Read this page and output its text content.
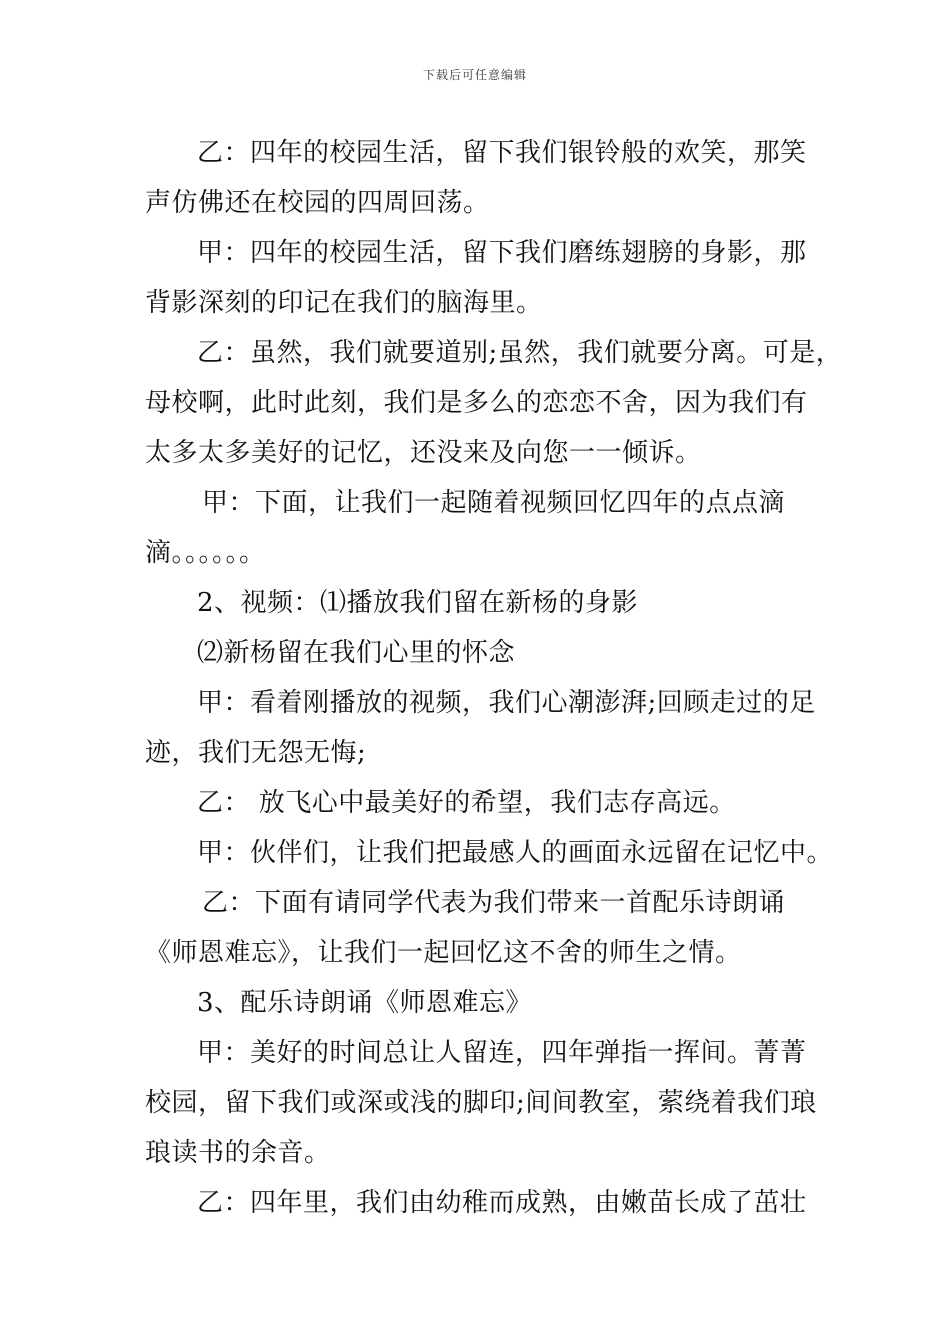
下载后可任意编辑
乙：四年的校园生活，留下我们银铃般的欢笑，那笑
声仿佛还在校园的四周回荡。
甲：四年的校园生活，留下我们磨练翅膀的身影，那
背影深刻的印记在我们的脑海里。
乙：虽然，我们就要道别;虽然，我们就要分离。可是，
母校啊，此时此刻，我们是多么的恋恋不舍，因为我们有
太多太多美好的记忆，还没来及向您一一倾诉。
甲：下面，让我们一起随着视频回忆四年的点点滴
滴。。。。。。
2、视频：⑴播放我们留在新杨的身影
⑵新杨留在我们心里的怀念
甲：看着刚播放的视频，我们心潮澎湃;回顾走过的足
迹，我们无怨无悔;
乙： 放飞心中最美好的希望，我们志存高远。
甲：伙伴们，让我们把最感人的画面永远留在记忆中。
乙：下面有请同学代表为我们带来一首配乐诗朗诵
《师恩难忘》，让我们一起回忆这不舍的师生之情。
3、配乐诗朗诵《师恩难忘》
甲：美好的时间总让人留连，四年弹指一挥间。菁菁
校园，留下我们或深或浅的脚印;间间教室，萦绕着我们琅
琅读书的余音。
乙：四年里，我们由幼稚而成熟，由嫩苗长成了茁壮
